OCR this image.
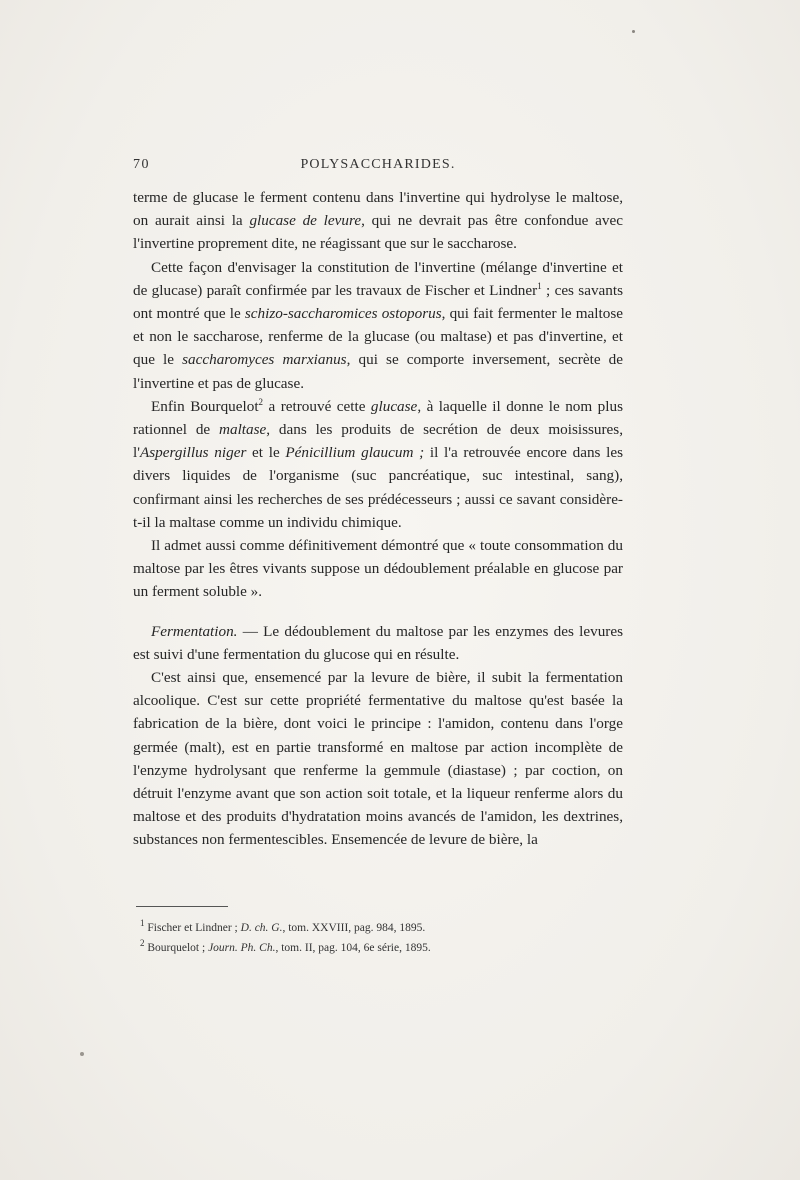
70	POLYSACCHARIDES.

terme de glucase le ferment contenu dans l'invertine qui hydrolyse le maltose, on aurait ainsi la glucase de levure, qui ne devrait pas être confondue avec l'invertine proprement dite, ne réagissant que sur le saccharose.

Cette façon d'envisager la constitution de l'invertine (mélange d'invertine et de glucase) paraît confirmée par les travaux de Fischer et Lindner$^1$ ; ces savants ont montré que le schizo-saccharomices ostoporus, qui fait fermenter le maltose et non le saccharose, renferme de la glucase (ou maltase) et pas d'invertine, et que le saccharomyces marxianus, qui se comporte inversement, secrète de l'invertine et pas de glucase.

Enfin Bourquelot$^2$ a retrouvé cette glucase, à laquelle il donne le nom plus rationnel de maltase, dans les produits de secrétion de deux moisissures, l'Aspergillus niger et le Pénicillium glaucum ; il l'a retrouvée encore dans les divers liquides de l'organisme (suc pancréatique, suc intestinal, sang), confirmant ainsi les recherches de ses prédécesseurs ; aussi ce savant considère-t-il la maltase comme un individu chimique.

Il admet aussi comme définitivement démontré que « toute consommation du maltose par les êtres vivants suppose un dédoublement préalable en glucose par un ferment soluble ».

Fermentation. — Le dédoublement du maltose par les enzymes des levures est suivi d'une fermentation du glucose qui en résulte.

C'est ainsi que, ensemencé par la levure de bière, il subit la fermentation alcoolique. C'est sur cette propriété fermentative du maltose qu'est basée la fabrication de la bière, dont voici le principe : l'amidon, contenu dans l'orge germée (malt), est en partie transformé en maltose par action incomplète de l'enzyme hydrolysant que renferme la gemmule (diastase) ; par coction, on détruit l'enzyme avant que son action soit totale, et la liqueur renferme alors du maltose et des produits d'hydratation moins avancés de l'amidon, les dextrines, substances non fermentescibles. Ensemencée de levure de bière, la

$^1$ Fischer et Lindner ; D. ch. G., tom. XXVIII, pag. 984, 1895.
$^2$ Bourquelot ; Journ. Ph. Ch., tom. II, pag. 104, 6e série, 1895.
